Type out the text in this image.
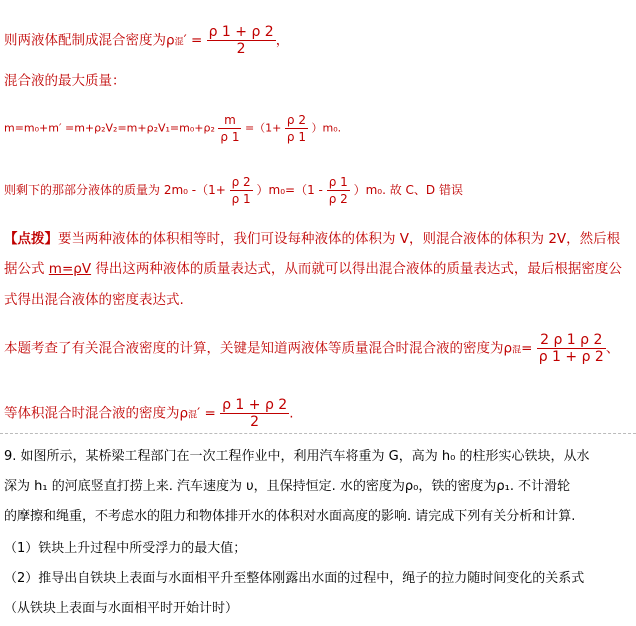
则两液体配制成混合密度为ρ混′ = $\frac{\rho 1 + \rho 2}{2}$ ，
混合液的最大质量：
$m=m_0+m' =m+\rho_2V_2=m+\rho_2V_1=m_0+\rho_2 \frac{m}{\rho 1} =(1+ \frac{\rho 2}{\rho 1} )m_0$.
则剩下的那部分液体的质量为 2m₀ $-(1+ \frac{\rho 2}{\rho 1} )m_0=(1 - \frac{\rho 1}{\rho 2} )m_0$. 故 C、D 错误
【点拨】要当两种液体的体积相等时，我们可设每种液体的体积为 V，则混合液体的体积为 2V，然后根
据公式 m=ρV 得出这两种液体的质量表达式，从而就可以得出混合液体的质量表达式，最后根据密度公
式得出混合液体的密度表达式.
本题考查了有关混合液密度的计算，关键是知道两液体等质量混合时混合液的密度为ρ混= $\frac{2 \rho 1 \rho 2}{\rho 1 + \rho 2}$ 、
等体积混合时混合液的密度为ρ混′ = $\frac{\rho 1 + \rho 2}{2}$ .
9. 如图所示，某桥梁工程部门在一次工程作业中，利用汽车将重为 G，高为 h₀ 的柱形实心铁块，从水
深为 h₁ 的河底竖直打捞上来. 汽车速度为 υ，且保持恒定. 水的密度为ρ₀，铁的密度为ρ₁. 不计滑轮
的摩擦和绳重，不考虑水的阻力和物体排开水的体积对水面高度的影响. 请完成下列有关分析和计算.
（1）铁块上升过程中所受浮力的最大值；
（2）推导出自铁块上表面与水面相平升至整体刚露出水面的过程中，绳子的拉力随时间变化的关系式
（从铁块上表面与水面相平时开始计时）
